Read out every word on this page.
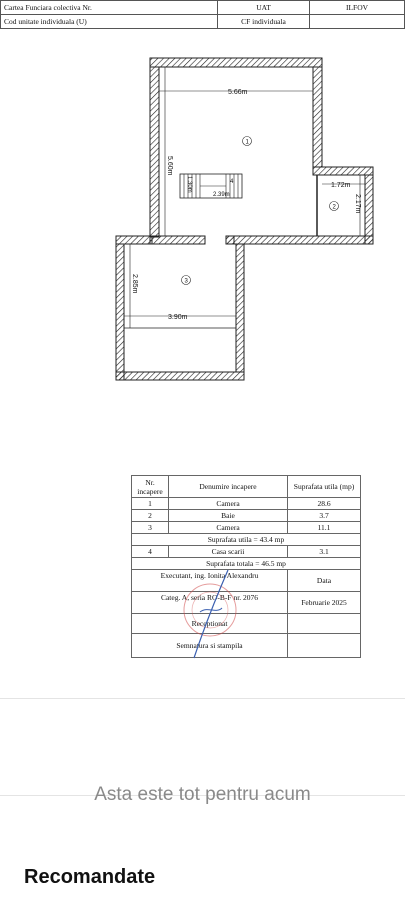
Cartea Funciara colectiva Nr.	UAT	ILFOV
Cod unitate individuala (U)	CF individuala	
5.66m
5.60m
1.72m
2.17m
2.85m
3.90m
1.30m
2.39m
4
1
2
3
Nr. incapere	Denumire incapere	Suprafata utila (mp)
1	Camera	28.6
2	Baie	3.7
3	Camera	11.1
Suprafata utila = 43.4 mp		
4	Casa scarii	3.1
Suprafata totala = 46.5 mp		
Executant, ing. Ionita Alexandru		Data
Categ. A, seria RO-B-F nr. 2076		Februarie 2025
Receptionat		
Semnatura si stampila		
Asta este tot pentru acum
Recomandate
